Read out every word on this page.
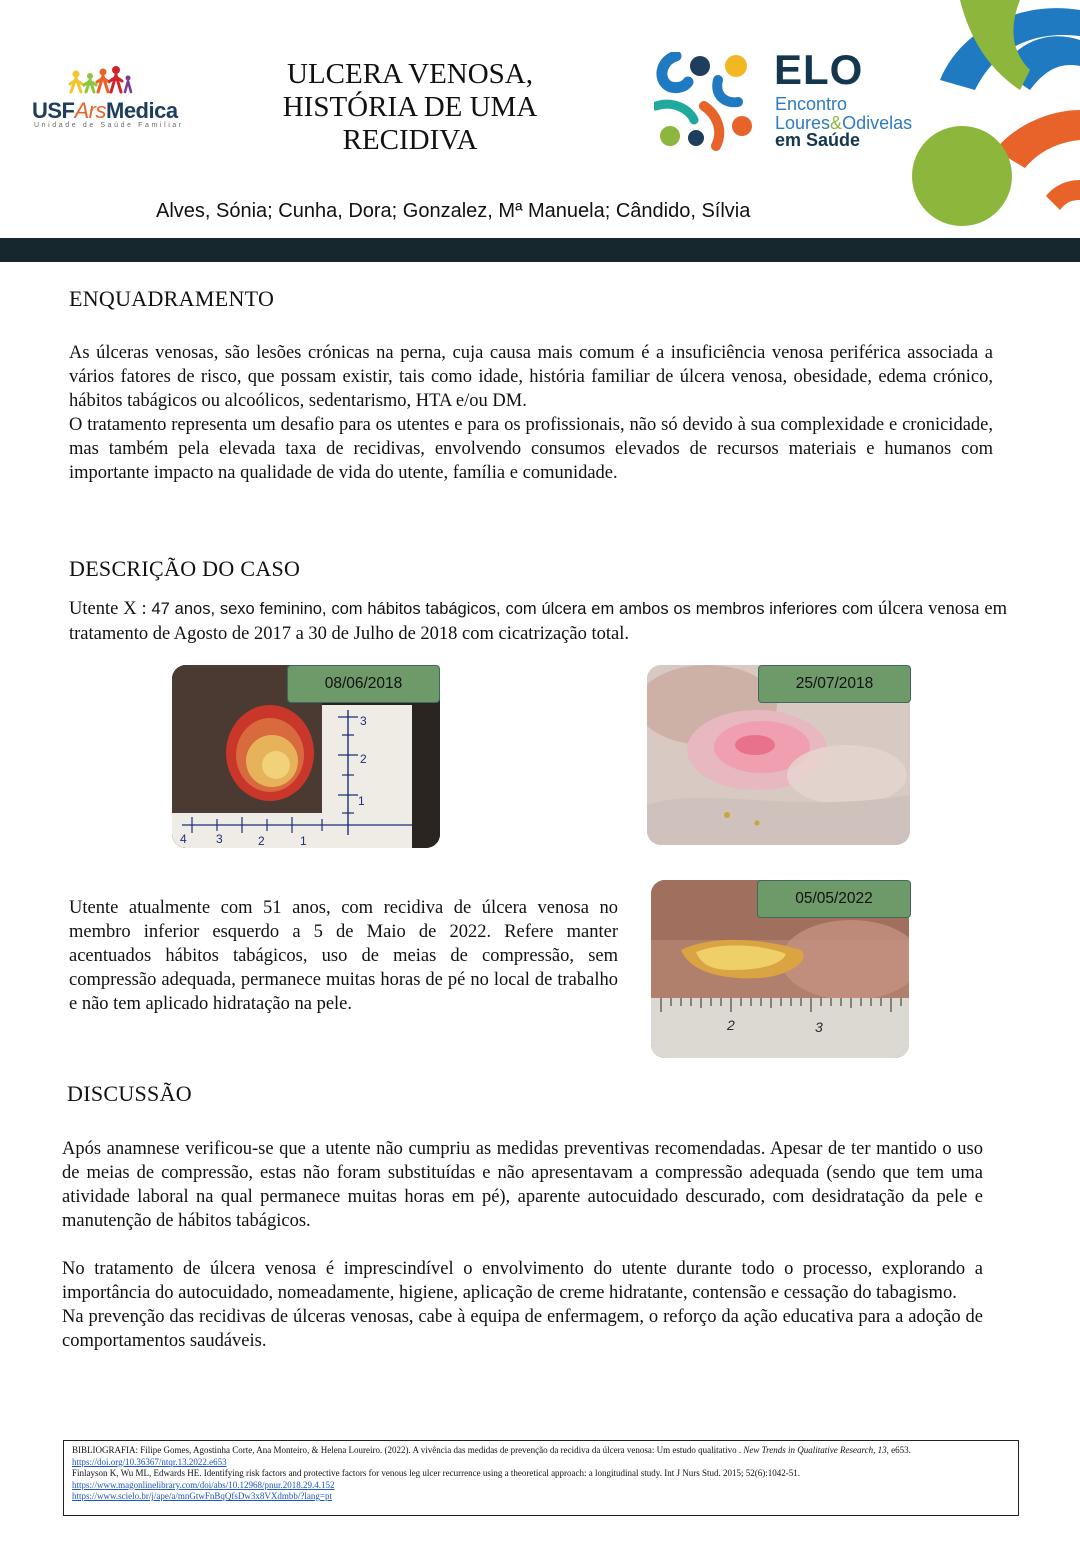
USFArsMedica
Unidade de Saúde Familiar
ULCERA VENOSA,
HISTÓRIA DE UMA
RECIDIVA
ELO
Encontro
Loures&Odivelas
em Saúde
Alves, Sónia; Cunha, Dora; Gonzalez, Mª Manuela; Cândido, Sílvia
ENQUADRAMENTO

As úlceras venosas, são lesões crónicas na perna, cuja causa mais comum é a insuficiência venosa periférica associada a vários fatores de risco, que possam existir, tais como idade, história familiar de úlcera venosa, obesidade, edema crónico, hábitos tabágicos ou alcoólicos, sedentarismo, HTA e/ou DM.

O tratamento representa um desafio para os utentes e para os profissionais, não só devido à sua complexidade e cronicidade, mas também pela elevada taxa de recidivas, envolvendo consumos elevados de recursos materiais e humanos com importante impacto na qualidade de vida do utente, família e comunidade.

DESCRIÇÃO DO CASO
Utente X : 47 anos, sexo feminino, com hábitos tabágicos, com úlcera em ambos os membros inferiores com úlcera venosa em tratamento de Agosto de 2017 a 30 de Julho de 2018 com cicatrização total.
4 3	2	1
1
2
3
08/06/2018	25/07/2018
Utente atualmente com 51 anos, com recidiva de úlcera venosa no membro inferior esquerdo a 5 de Maio de 2022. Refere manter acentuados hábitos tabágicos, uso de meias de compressão, sem compressão adequada, permanece muitas horas de pé no local de trabalho e não tem aplicado hidratação na pele.
2	3
05/05/2022
DISCUSSÃO

Após anamnese verificou-se que a utente não cumpriu as medidas preventivas recomendadas. Apesar de ter mantido o uso de meias de compressão, estas não foram substituídas e não apresentavam a compressão adequada (sendo que tem uma atividade laboral na qual permanece muitas horas em pé), aparente autocuidado descurado, com desidratação da pele e manutenção de hábitos tabágicos.

No tratamento de úlcera venosa é imprescindível o envolvimento do utente durante todo o processo, explorando a importância do autocuidado, nomeadamente, higiene, aplicação de creme hidratante, contensão e cessação do tabagismo.

Na prevenção das recidivas de úlceras venosas, cabe à equipa de enfermagem, o reforço da ação educativa para a adoção de comportamentos saudáveis.

BIBLIOGRAFIA: Filipe Gomes, Agostinha Corte, Ana Monteiro, & Helena Loureiro. (2022). A vivência das medidas de prevenção da recidiva da úlcera venosa: Um estudo qualitativo . New Trends in Qualitative Research, 13, e653. https://doi.org/10.36367/ntqr.13.2022.e653

Finlayson K, Wu ML, Edwards HE. Identifying risk factors and protective factors for venous leg ulcer recurrence using a theoretical approach: a longitudinal study. Int J Nurs Stud. 2015; 52(6):1042-51.

https://www.magonlinelibrary.com/doi/abs/10.12968/pnur.2018.29.4.152

https://www.scielo.br/j/ape/a/mnGtwFnBqQfsDw3x8VXdmbb/?lang=pt
